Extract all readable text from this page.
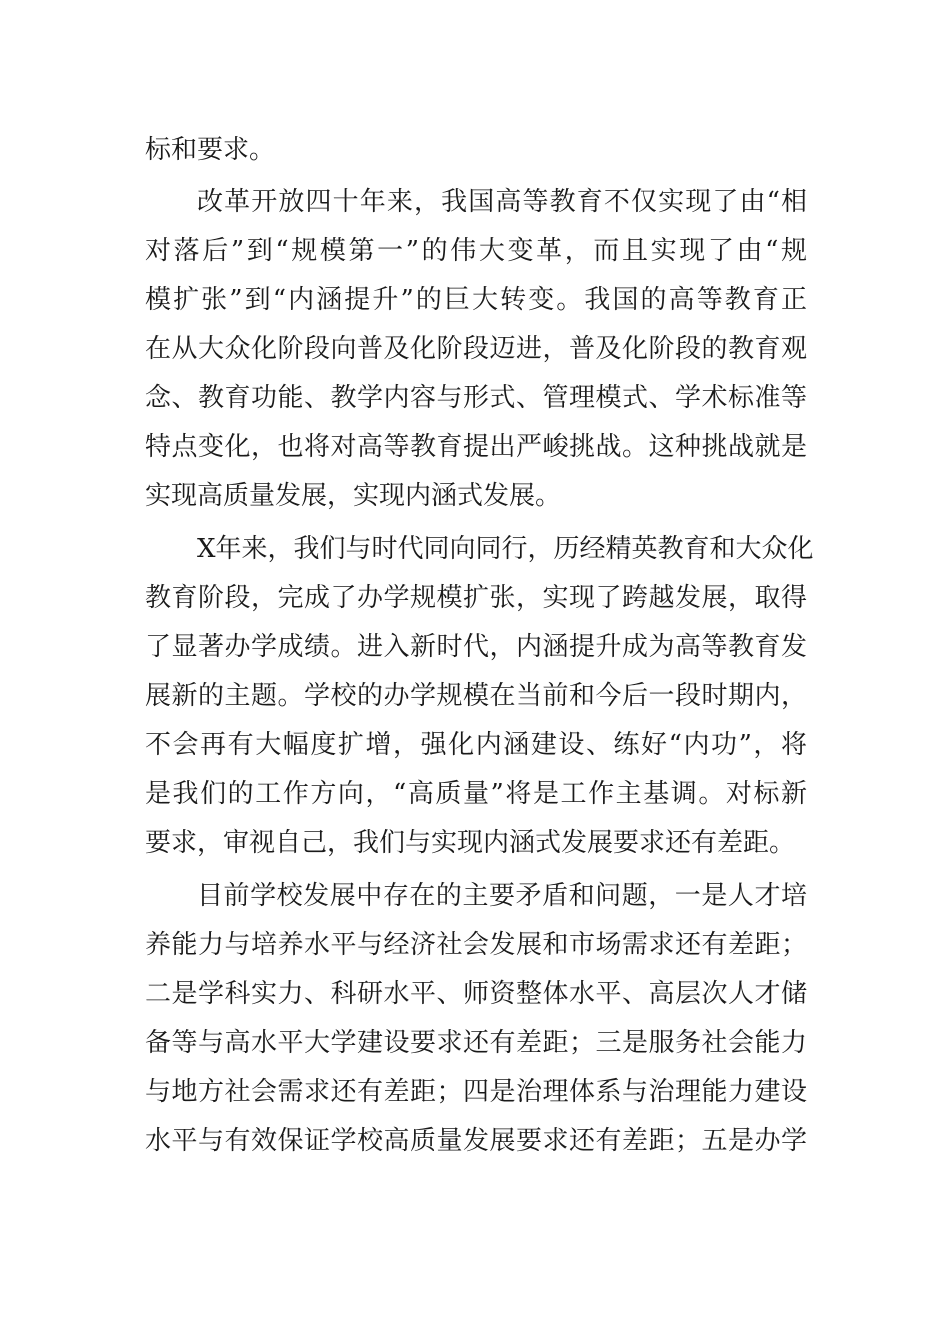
标和要求。
改革开放四十年来，我国高等教育不仅实现了由“相
对落后”到“规模第一”的伟大变革，而且实现了由“规
模扩张”到“内涵提升”的巨大转变。我国的高等教育正
在从大众化阶段向普及化阶段迈进，普及化阶段的教育观
念、教育功能、教学内容与形式、管理模式、学术标准等
特点变化，也将对高等教育提出严峻挑战。这种挑战就是
实现高质量发展，实现内涵式发展。
X年来，我们与时代同向同行，历经精英教育和大众化
教育阶段，完成了办学规模扩张，实现了跨越发展，取得
了显著办学成绩。进入新时代，内涵提升成为高等教育发
展新的主题。学校的办学规模在当前和今后一段时期内，
不会再有大幅度扩增，强化内涵建设、练好“内功”，将
是我们的工作方向，“高质量”将是工作主基调。对标新
要求，审视自己，我们与实现内涵式发展要求还有差距。
目前学校发展中存在的主要矛盾和问题，一是人才培
养能力与培养水平与经济社会发展和市场需求还有差距；
二是学科实力、科研水平、师资整体水平、高层次人才储
备等与高水平大学建设要求还有差距；三是服务社会能力
与地方社会需求还有差距；四是治理体系与治理能力建设
水平与有效保证学校高质量发展要求还有差距；五是办学
